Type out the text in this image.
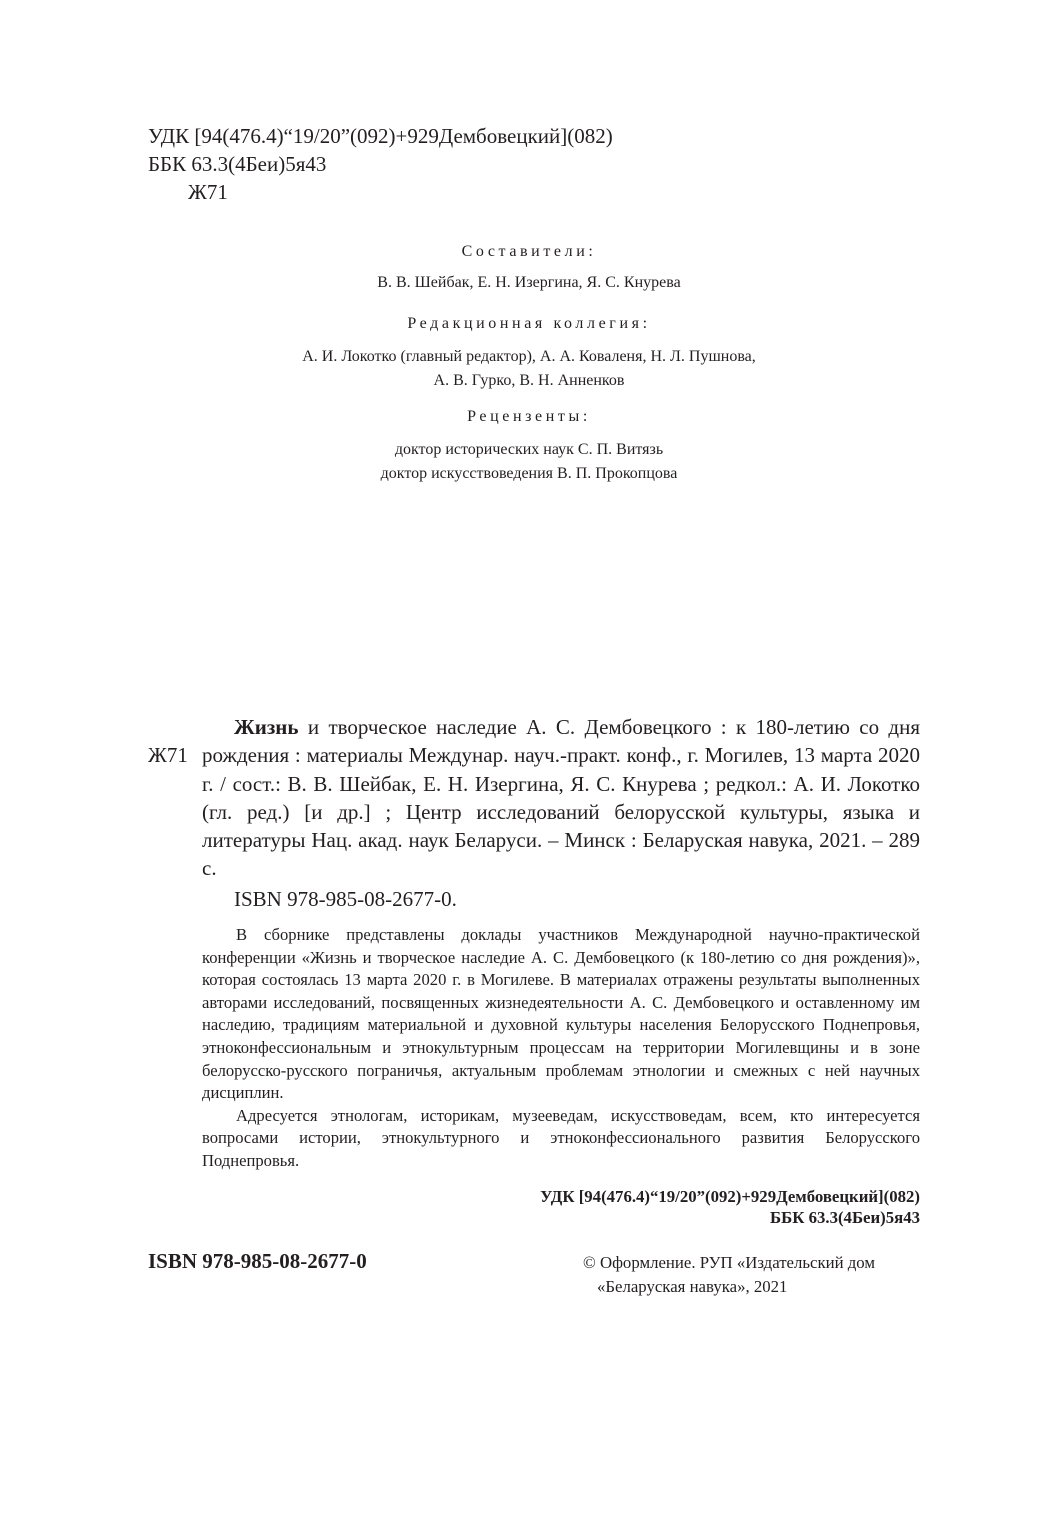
УДК [94(476.4)“19/20”(092)+929Дембовецкий](082)
ББК 63.3(4Беи)5я43
Ж71
Составители:
В. В. Шейбак, Е. Н. Изергина, Я. С. Кнурева
Редакционная коллегия:
А. И. Локотко (главный редактор), А. А. Коваленя, Н. Л. Пушнова,
А. В. Гурко, В. Н. Анненков
Рецензенты:
доктор исторических наук С. П. Витязь
доктор искусствоведения В. П. Прокопцова
Ж71
Жизнь и творческое наследие А. С. Дембовецкого : к 180-летию со дня рождения : материалы Междунар. науч.-практ. конф., г. Могилев, 13 марта 2020 г. / сост.: В. В. Шейбак, Е. Н. Изергина, Я. С. Кнурева ; редкол.: А. И. Локотко (гл. ред.) [и др.] ; Центр исследований белорусской культуры, языка и литературы Нац. акад. наук Беларуси. – Минск : Беларуская навука, 2021. – 289 с.
ISBN 978-985-08-2677-0.

В сборнике представлены доклады участников Международной научно-практической конференции «Жизнь и творческое наследие А. С. Дембовецкого (к 180-летию со дня рождения)», которая состоялась 13 марта 2020 г. в Могилеве. В материалах отражены результаты выполненных авторами исследований, посвященных жизнедеятельности А. С. Дембовецкого и оставленному им наследию, традициям материальной и духовной культуры населения Белорусского Поднепровья, этноконфессиональным и этнокультурным процессам на территории Могилевщины и в зоне белорусско-русского пограничья, актуальным проблемам этнологии и смежных с ней научных дисциплин.

Адресуется этнологам, историкам, музееведам, искусствоведам, всем, кто интересуется вопросами истории, этнокультурного и этноконфессионального развития Белорусского Поднепровья.

УДК [94(476.4)“19/20”(092)+929Дембовецкий](082)
ББК 63.3(4Беи)5я43
ISBN 978-985-08-2677-0	© Оформление. РУП «Издательский дом
«Беларуская навука», 2021
